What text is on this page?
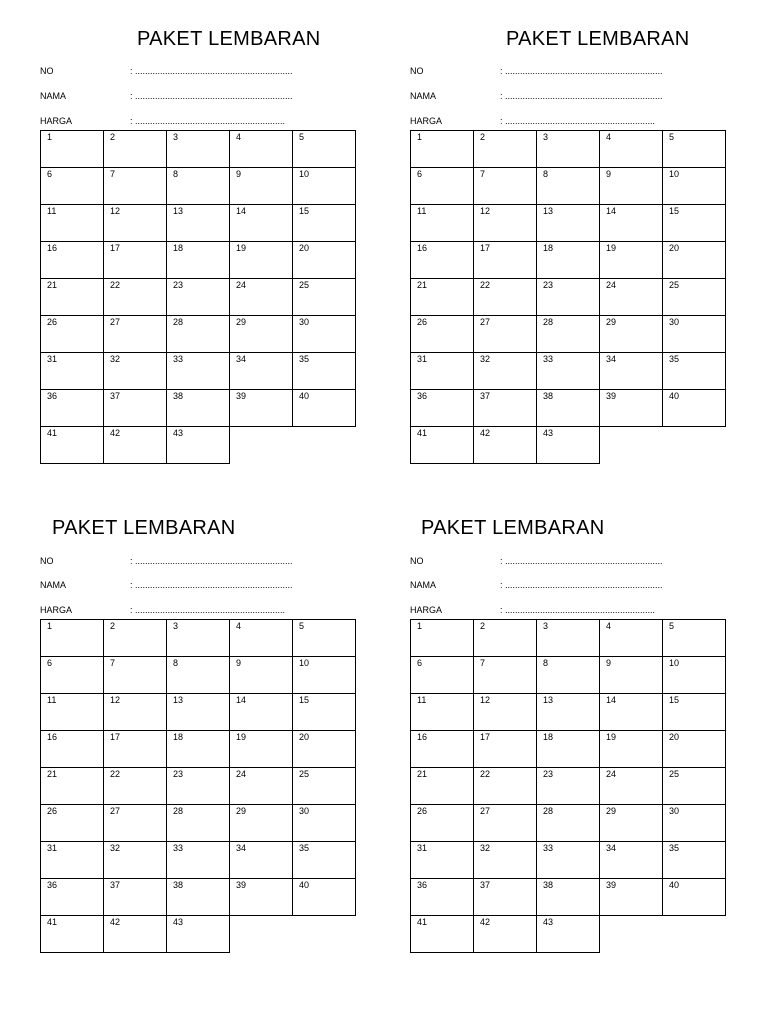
PAKET LEMBARAN
NO	: ...............................................................
NAMA	: ...............................................................
HARGA	: ............................................................
1	2	3	4	5
6	7	8	9	10
11	12	13	14	15
16	17	18	19	20
21	22	23	24	25
26	27	28	29	30
31	32	33	34	35
36	37	38	39	40
41	42	43
PAKET LEMBARAN
NO	: ...............................................................
NAMA	: ...............................................................
HARGA	: ............................................................
1	2	3	4	5
6	7	8	9	10
11	12	13	14	15
16	17	18	19	20
21	22	23	24	25
26	27	28	29	30
31	32	33	34	35
36	37	38	39	40
41	42	43
PAKET LEMBARAN
NO	: ...............................................................
NAMA	: ...............................................................
HARGA	: ............................................................
1	2	3	4	5
6	7	8	9	10
11	12	13	14	15
16	17	18	19	20
21	22	23	24	25
26	27	28	29	30
31	32	33	34	35
36	37	38	39	40
41	42	43
PAKET LEMBARAN
NO	: ...............................................................
NAMA	: ...............................................................
HARGA	: ............................................................
1	2	3	4	5
6	7	8	9	10
11	12	13	14	15
16	17	18	19	20
21	22	23	24	25
26	27	28	29	30
31	32	33	34	35
36	37	38	39	40
41	42	43
